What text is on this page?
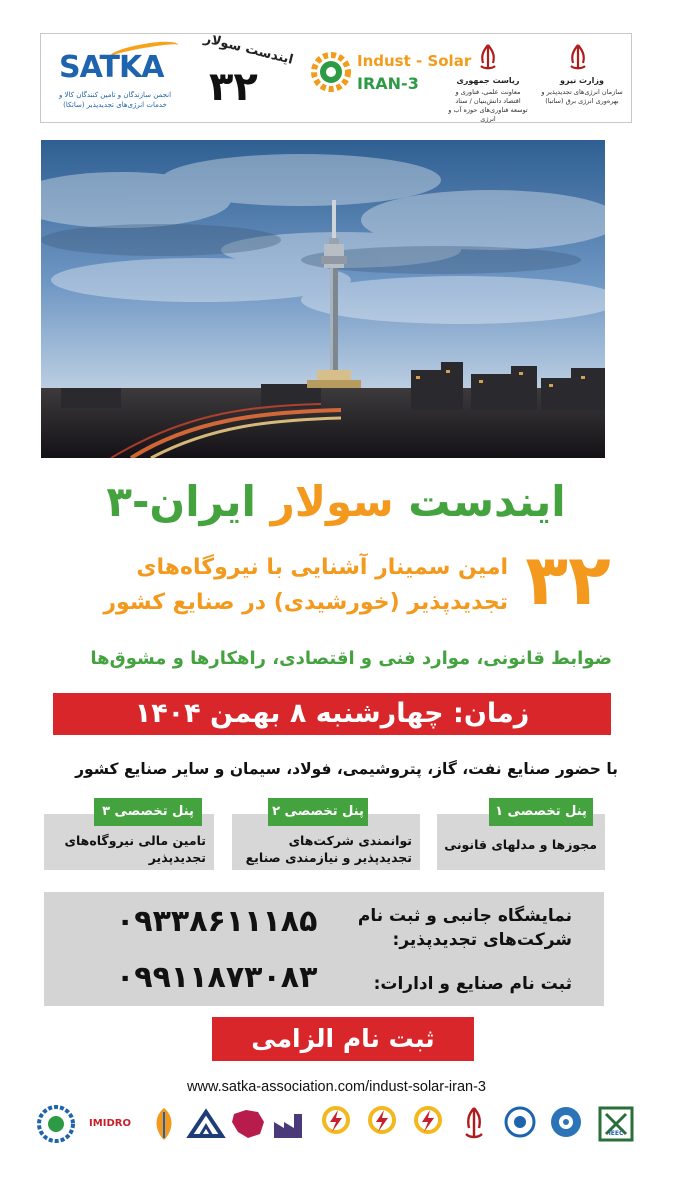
SATKA
انجمن سازندگان و تامین کنندگان کالا و خدمات انرژی‌های تجدیدپذیر (ساتکا)
ایندست سولار
۳۲
Indust - Solar
IRAN-3	ریاست جمهوری
معاونت علمی، فناوری و اقتصاد دانش‌بنیان / ستاد توسعه فناوری‌های حوزه آب و انرژی
وزارت نیرو
سازمان انرژی‌های تجدیدپذیر و بهره‌وری انرژی برق (ساتبا)
ایندست سولار ایران-۳
۳۲
امین سمینار آشنایی با نیروگاه‌های
تجدیدپذیر (خورشیدی) در صنایع کشور
ضوابط قانونی، موارد فنی و اقتصادی، راهکارها و مشوق‌ها
زمان: چهارشنبه ۸ بهمن ۱۴۰۴
با حضور صنایع نفت، گاز، پتروشیمی، فولاد، سیمان و سایر صنایع کشور
پنل تخصصی ۱
مجوزها و مدلهای قانونی
پنل تخصصی ۲
توانمندی شرکت‌های
تجدیدپذیر و نیازمندی صنایع
پنل تخصصی ۳
تامین مالی نیروگاه‌های
تجدیدپذیر
نمایشگاه جانبی و ثبت نام
شرکت‌های تجدیدپذیر:
۰۹۳۳۸۶۱۱۱۸۵
ثبت نام صنایع و ادارات:
۰۹۹۱۱۸۷۳۰۸۳
ثبت نام الزامی
www.satka-association.com/indust-solar-iran-3
IMIDRO
IEEC
